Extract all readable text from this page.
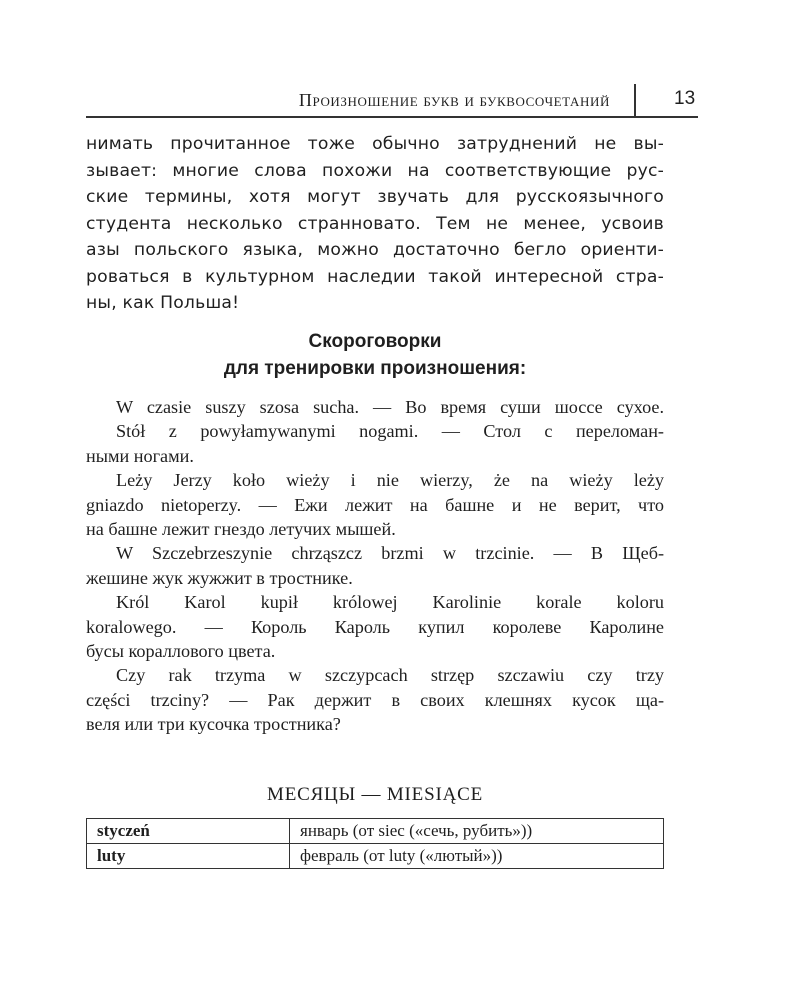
Произношение букв и буквосочетаний	13

нимать прочитанное тоже обычно затруднений не вы-
зывает: многие слова похожи на соответствующие рус-
ские термины, хотя могут звучать для русскоязычного
студента несколько странновато. Тем не менее, усвоив
азы польского языка, можно достаточно бегло ориенти-
роваться в культурном наследии такой интересной стра-
ны, как Польша!

Скороговорки
для тренировки произношения:
W czasie suszy szosa sucha. — Во время суши шоссе сухое.
Stół z powyłamywanymi nogami. — Стол с переломан-
ными ногами.
Leży Jerzy koło wieży i nie wierzy, że na wieży leży
gniazdo nietoperzy. — Ежи лежит на башне и не верит, что
на башне лежит гнездо летучих мышей.
W Szczebrzeszynie chrząszcz brzmi w trzcinie. — В Щеб-
жешине жук жужжит в тростнике.
Król Karol kupił królowej Karolinie korale koloru
koralowego. — Король Кароль купил королеве Каролине
бусы кораллового цвета.
Czy rak trzyma w szczypcach strzęp szczawiu czy trzy
części trzciny? — Рак держит в своих клешнях кусок ща-
веля или три кусочка тростника?
МЕСЯЦЫ — MIESIĄCE
styczeń	январь (от siec («сечь, рубить»))
luty	февраль (от luty («лютый»))
